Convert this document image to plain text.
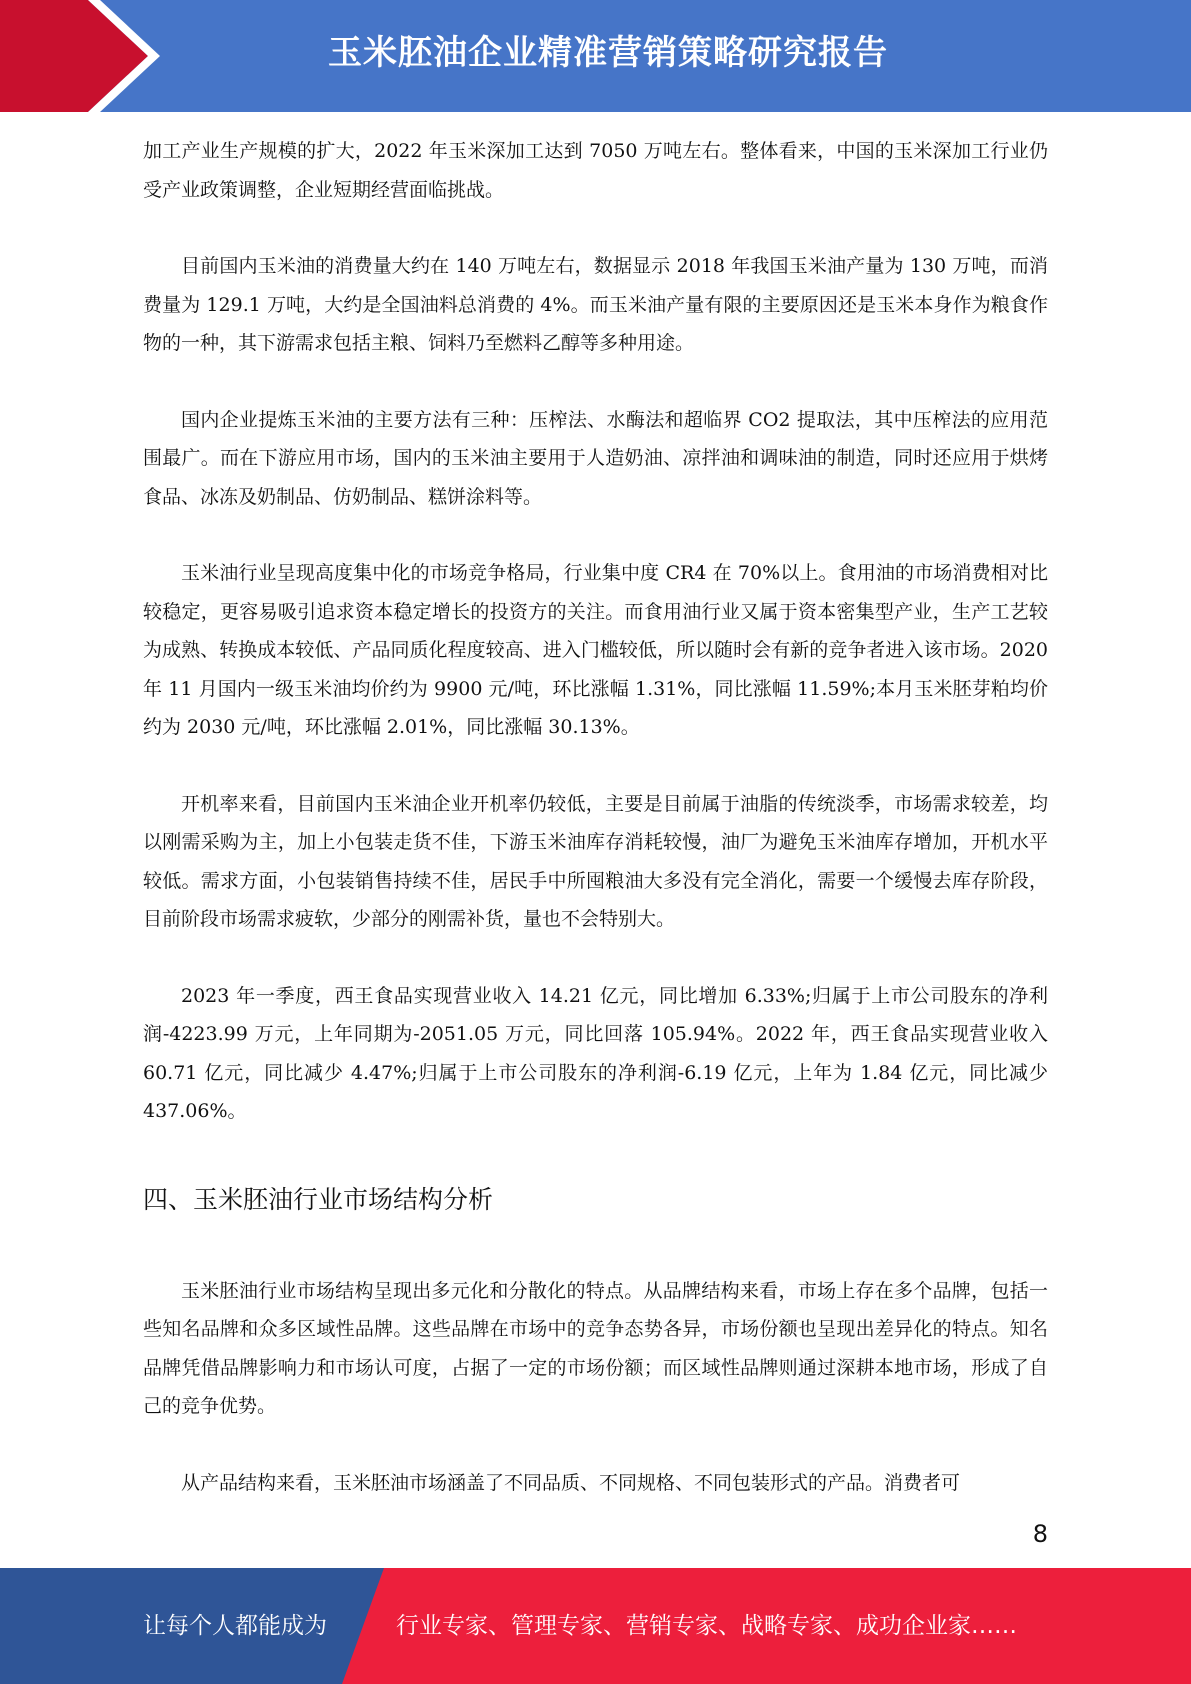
玉米胚油企业精准营销策略研究报告

加工产业生产规模的扩大，2022 年玉米深加工达到 7050 万吨左右。整体看来，中国的玉米深加工行业仍受产业政策调整，企业短期经营面临挑战。

目前国内玉米油的消费量大约在 140 万吨左右，数据显示 2018 年我国玉米油产量为 130 万吨，而消费量为 129.1 万吨，大约是全国油料总消费的 4%。而玉米油产量有限的主要原因还是玉米本身作为粮食作物的一种，其下游需求包括主粮、饲料乃至燃料乙醇等多种用途。

国内企业提炼玉米油的主要方法有三种：压榨法、水酶法和超临界 CO2 提取法，其中压榨法的应用范围最广。而在下游应用市场，国内的玉米油主要用于人造奶油、凉拌油和调味油的制造，同时还应用于烘烤食品、冰冻及奶制品、仿奶制品、糕饼涂料等。

玉米油行业呈现高度集中化的市场竞争格局，行业集中度 CR4 在 70%以上。食用油的市场消费相对比较稳定，更容易吸引追求资本稳定增长的投资方的关注。而食用油行业又属于资本密集型产业，生产工艺较为成熟、转换成本较低、产品同质化程度较高、进入门槛较低，所以随时会有新的竞争者进入该市场。2020 年 11 月国内一级玉米油均价约为 9900 元/吨，环比涨幅 1.31%，同比涨幅 11.59%;本月玉米胚芽粕均价约为 2030 元/吨，环比涨幅 2.01%，同比涨幅 30.13%。

开机率来看，目前国内玉米油企业开机率仍较低，主要是目前属于油脂的传统淡季，市场需求较差，均以刚需采购为主，加上小包装走货不佳，下游玉米油库存消耗较慢，油厂为避免玉米油库存增加，开机水平较低。需求方面，小包装销售持续不佳，居民手中所囤粮油大多没有完全消化，需要一个缓慢去库存阶段，目前阶段市场需求疲软，少部分的刚需补货，量也不会特别大。

2023 年一季度，西王食品实现营业收入 14.21 亿元，同比增加 6.33%;归属于上市公司股东的净利润-4223.99 万元，上年同期为-2051.05 万元，同比回落 105.94%。2022 年，西王食品实现营业收入 60.71 亿元，同比减少 4.47%;归属于上市公司股东的净利润-6.19 亿元，上年为 1.84 亿元，同比减少 437.06%。

四、玉米胚油行业市场结构分析

玉米胚油行业市场结构呈现出多元化和分散化的特点。从品牌结构来看，市场上存在多个品牌，包括一些知名品牌和众多区域性品牌。这些品牌在市场中的竞争态势各异，市场份额也呈现出差异化的特点。知名品牌凭借品牌影响力和市场认可度，占据了一定的市场份额；而区域性品牌则通过深耕本地市场，形成了自己的竞争优势。

从产品结构来看，玉米胚油市场涵盖了不同品质、不同规格、不同包装形式的产品。消费者可

8
让每个人都能成为	行业专家、管理专家、营销专家、战略专家、成功企业家……
